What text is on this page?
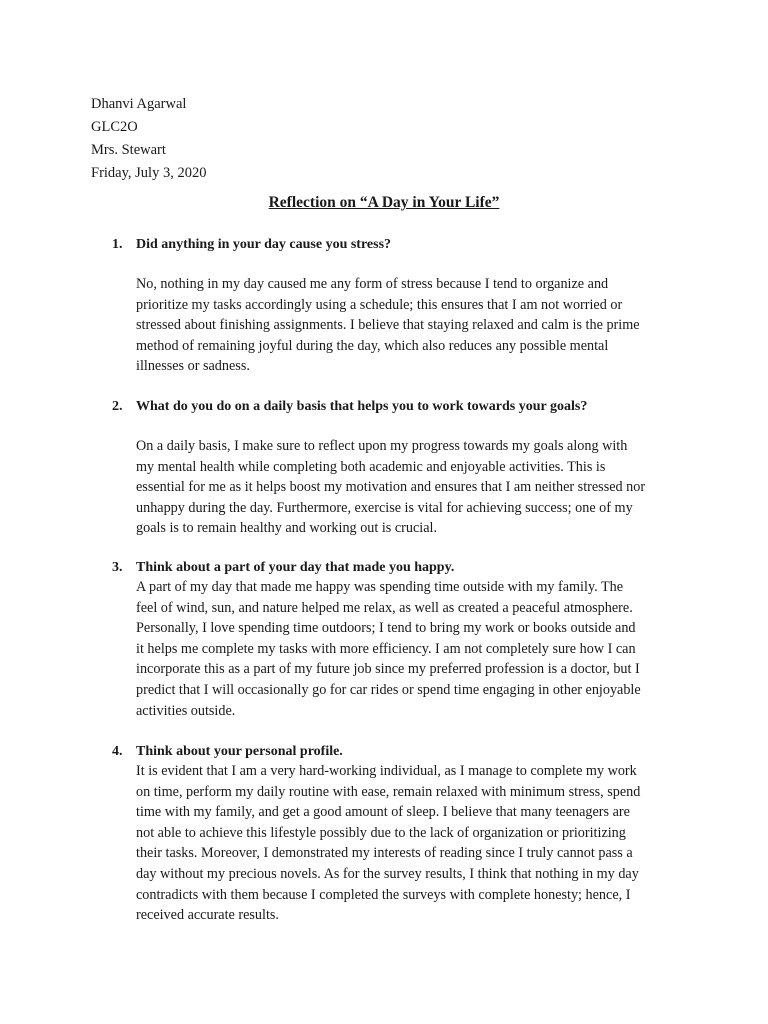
Dhanvi Agarwal
GLC2O
Mrs. Stewart
Friday, July 3, 2020
Reflection on “A Day in Your Life”
1. Did anything in your day cause you stress?
No, nothing in my day caused me any form of stress because I tend to organize and
prioritize my tasks accordingly using a schedule; this ensures that I am not worried or
stressed about finishing assignments. I believe that staying relaxed and calm is the prime
method of remaining joyful during the day, which also reduces any possible mental
illnesses or sadness.
2. What do you do on a daily basis that helps you to work towards your goals?
On a daily basis, I make sure to reflect upon my progress towards my goals along with
my mental health while completing both academic and enjoyable activities. This is
essential for me as it helps boost my motivation and ensures that I am neither stressed nor
unhappy during the day. Furthermore, exercise is vital for achieving success; one of my
goals is to remain healthy and working out is crucial.
3. Think about a part of your day that made you happy.
A part of my day that made me happy was spending time outside with my family. The
feel of wind, sun, and nature helped me relax, as well as created a peaceful atmosphere.
Personally, I love spending time outdoors; I tend to bring my work or books outside and
it helps me complete my tasks with more efficiency. I am not completely sure how I can
incorporate this as a part of my future job since my preferred profession is a doctor, but I
predict that I will occasionally go for car rides or spend time engaging in other enjoyable
activities outside.
4. Think about your personal profile.
It is evident that I am a very hard-working individual, as I manage to complete my work
on time, perform my daily routine with ease, remain relaxed with minimum stress, spend
time with my family, and get a good amount of sleep. I believe that many teenagers are
not able to achieve this lifestyle possibly due to the lack of organization or prioritizing
their tasks. Moreover, I demonstrated my interests of reading since I truly cannot pass a
day without my precious novels. As for the survey results, I think that nothing in my day
contradicts with them because I completed the surveys with complete honesty; hence, I
received accurate results.
